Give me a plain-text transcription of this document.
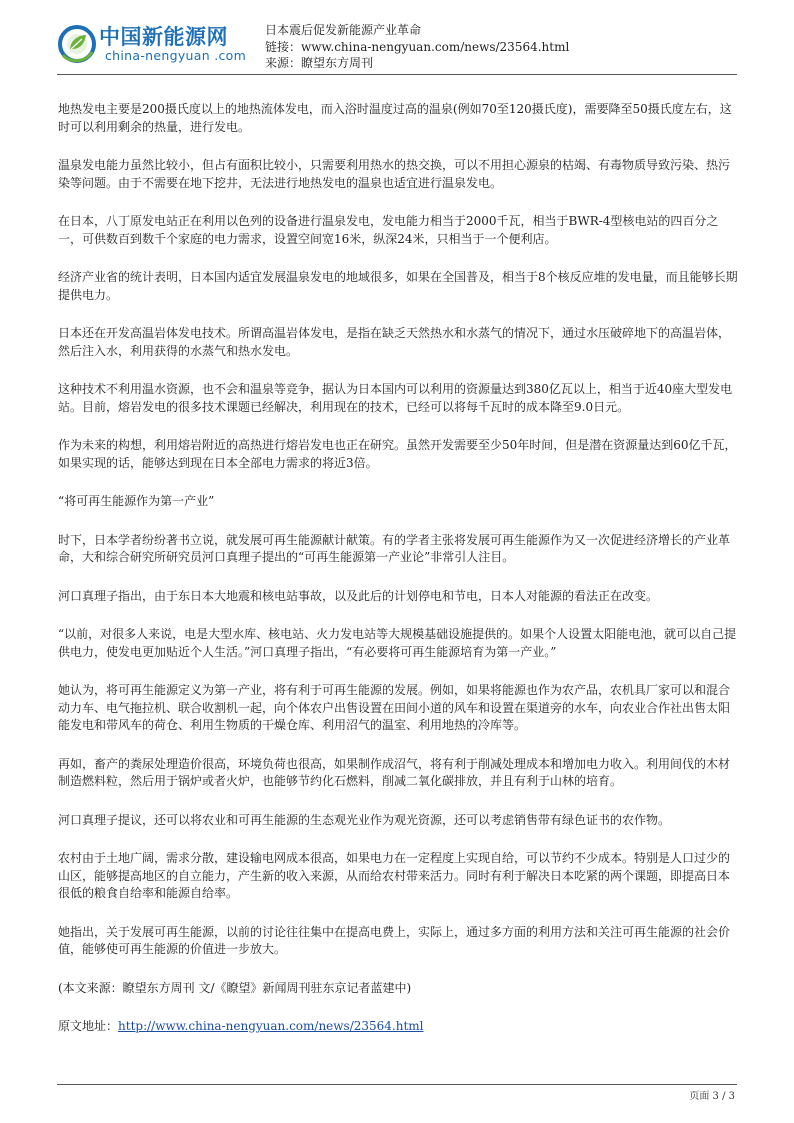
中国新能源网
china-nengyuan .com
日本震后促发新能源产业革命
链接：www.china-nengyuan.com/news/23564.html
来源：瞭望东方周刊

地热发电主要是200摄氏度以上的地热流体发电，而入浴时温度过高的温泉(例如70至120摄氏度)，需要降至50摄氏度左右，这时可以利用剩余的热量，进行发电。

温泉发电能力虽然比较小，但占有面积比较小，只需要利用热水的热交换，可以不用担心源泉的枯竭、有毒物质导致污染、热污染等问题。由于不需要在地下挖井，无法进行地热发电的温泉也适宜进行温泉发电。

在日本，八丁原发电站正在利用以色列的设备进行温泉发电，发电能力相当于2000千瓦，相当于BWR-4型核电站的四百分之一，可供数百到数千个家庭的电力需求，设置空间宽16米，纵深24米，只相当于一个便利店。

经济产业省的统计表明，日本国内适宜发展温泉发电的地域很多，如果在全国普及，相当于8个核反应堆的发电量，而且能够长期提供电力。

日本还在开发高温岩体发电技术。所谓高温岩体发电，是指在缺乏天然热水和水蒸气的情况下，通过水压破碎地下的高温岩体，然后注入水，利用获得的水蒸气和热水发电。

这种技术不利用温水资源，也不会和温泉等竞争，据认为日本国内可以利用的资源量达到380亿瓦以上，相当于近40座大型发电站。目前，熔岩发电的很多技术课题已经解决，利用现在的技术，已经可以将每千瓦时的成本降至9.0日元。

作为未来的构想，利用熔岩附近的高热进行熔岩发电也正在研究。虽然开发需要至少50年时间，但是潜在资源量达到60亿千瓦，如果实现的话，能够达到现在日本全部电力需求的将近3倍。

“将可再生能源作为第一产业”

时下，日本学者纷纷著书立说，就发展可再生能源献计献策。有的学者主张将发展可再生能源作为又一次促进经济增长的产业革命，大和综合研究所研究员河口真理子提出的“可再生能源第一产业论”非常引人注目。

河口真理子指出，由于东日本大地震和核电站事故，以及此后的计划停电和节电，日本人对能源的看法正在改变。

“以前，对很多人来说，电是大型水库、核电站、火力发电站等大规模基础设施提供的。如果个人设置太阳能电池，就可以自己提供电力，使发电更加贴近个人生活。”河口真理子指出，“有必要将可再生能源培育为第一产业。”

她认为，将可再生能源定义为第一产业，将有利于可再生能源的发展。例如，如果将能源也作为农产品，农机具厂家可以和混合动力车、电气拖拉机、联合收割机一起，向个体农户出售设置在田间小道的风车和设置在渠道旁的水车，向农业合作社出售太阳能发电和带风车的荷仓、利用生物质的干燥仓库、利用沼气的温室、利用地热的冷库等。

再如，畜产的粪尿处理造价很高，环境负荷也很高，如果制作成沼气，将有利于削减处理成本和增加电力收入。利用间伐的木材制造燃料粒，然后用于锅炉或者火炉，也能够节约化石燃料，削减二氧化碳排放，并且有利于山林的培育。

河口真理子提议，还可以将农业和可再生能源的生态观光业作为观光资源，还可以考虑销售带有绿色证书的农作物。

农村由于土地广阔，需求分散，建设输电网成本很高，如果电力在一定程度上实现自给，可以节约不少成本。特别是人口过少的山区，能够提高地区的自立能力，产生新的收入来源，从而给农村带来活力。同时有利于解决日本吃紧的两个课题，即提高日本很低的粮食自给率和能源自给率。

她指出，关于发展可再生能源，以前的讨论往往集中在提高电费上，实际上，通过多方面的利用方法和关注可再生能源的社会价值，能够使可再生能源的价值进一步放大。

(本文来源：瞭望东方周刊 文/《瞭望》新闻周刊驻东京记者蓝建中)

原文地址：http://www.china-nengyuan.com/news/23564.html

页面 3 / 3
